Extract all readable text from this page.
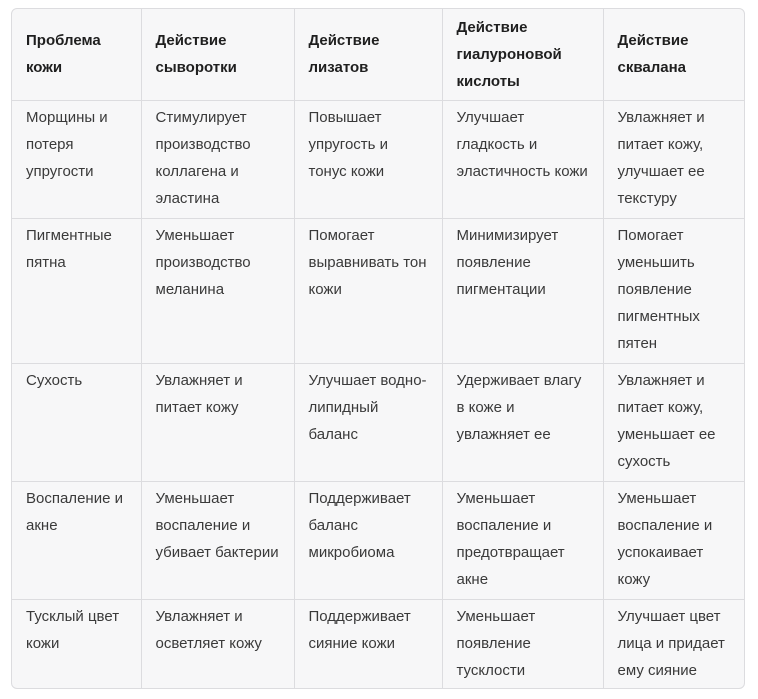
Проблема кожи	Действие сыворотки	Действие лизатов	Действие гиалуроновой кислоты	Действие сквалана
Морщины и потеря упругости	Стимулирует производство коллагена и эластина	Повышает упругость и тонус кожи	Улучшает гладкость и эластичность кожи	Увлажняет и питает кожу, улучшает ее текстуру
Пигментные пятна	Уменьшает производство меланина	Помогает выравнивать тон кожи	Минимизирует появление пигментации	Помогает уменьшить появление пигментных пятен
Сухость	Увлажняет и питает кожу	Улучшает водно-липидный баланс	Удерживает влагу в коже и увлажняет ее	Увлажняет и питает кожу, уменьшает ее сухость
Воспаление и акне	Уменьшает воспаление и убивает бактерии	Поддерживает баланс микробиома	Уменьшает воспаление и предотвращает акне	Уменьшает воспаление и успокаивает кожу
Тусклый цвет кожи	Увлажняет и осветляет кожу	Поддерживает сияние кожи	Уменьшает появление тусклости	Улучшает цвет лица и придает ему сияние
